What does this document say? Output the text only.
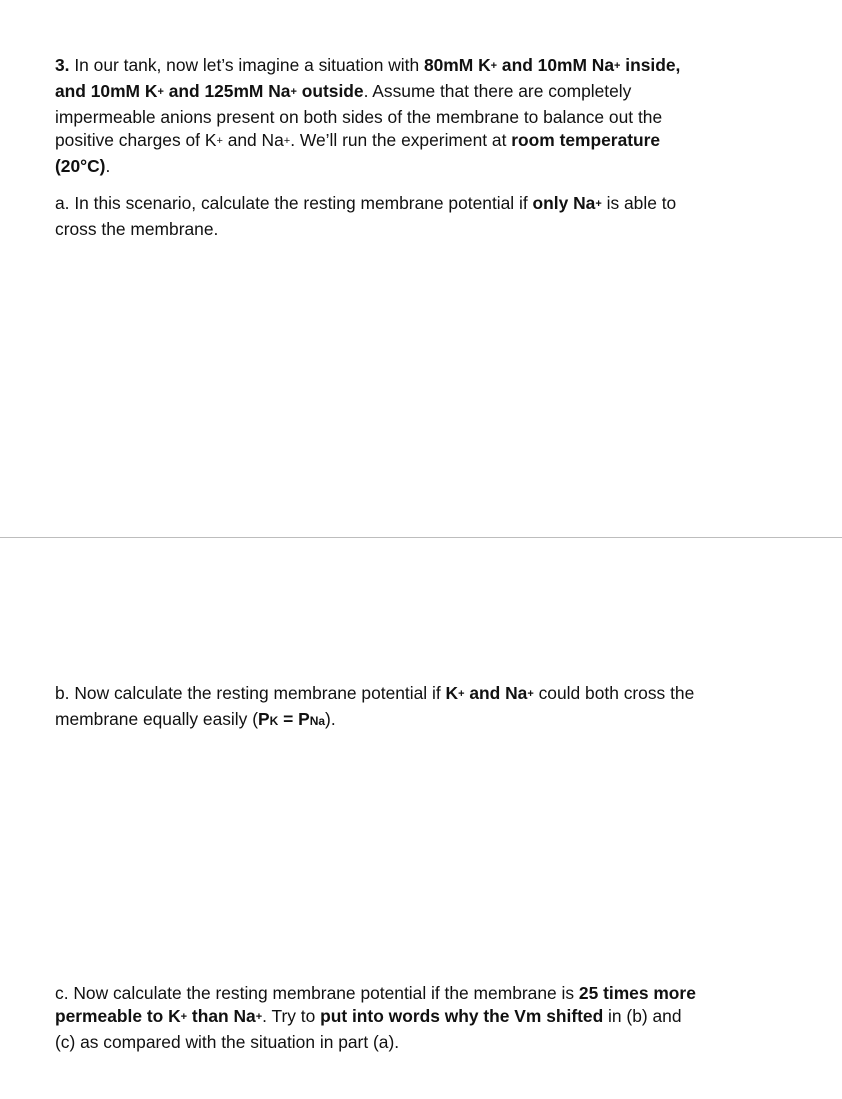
3. In our tank, now let’s imagine a situation with 80mM K+ and 10mM Na+ inside,
and 10mM K+ and 125mM Na+ outside. Assume that there are completely
impermeable anions present on both sides of the membrane to balance out the
positive charges of K+ and Na+. We’ll run the experiment at room temperature
(20°C).
a. In this scenario, calculate the resting membrane potential if only Na+ is able to
cross the membrane.
b. Now calculate the resting membrane potential if K+ and Na+ could both cross the
membrane equally easily (PK = PNa).
c. Now calculate the resting membrane potential if the membrane is 25 times more
permeable to K+ than Na+. Try to put into words why the Vm shifted in (b) and
(c) as compared with the situation in part (a).
